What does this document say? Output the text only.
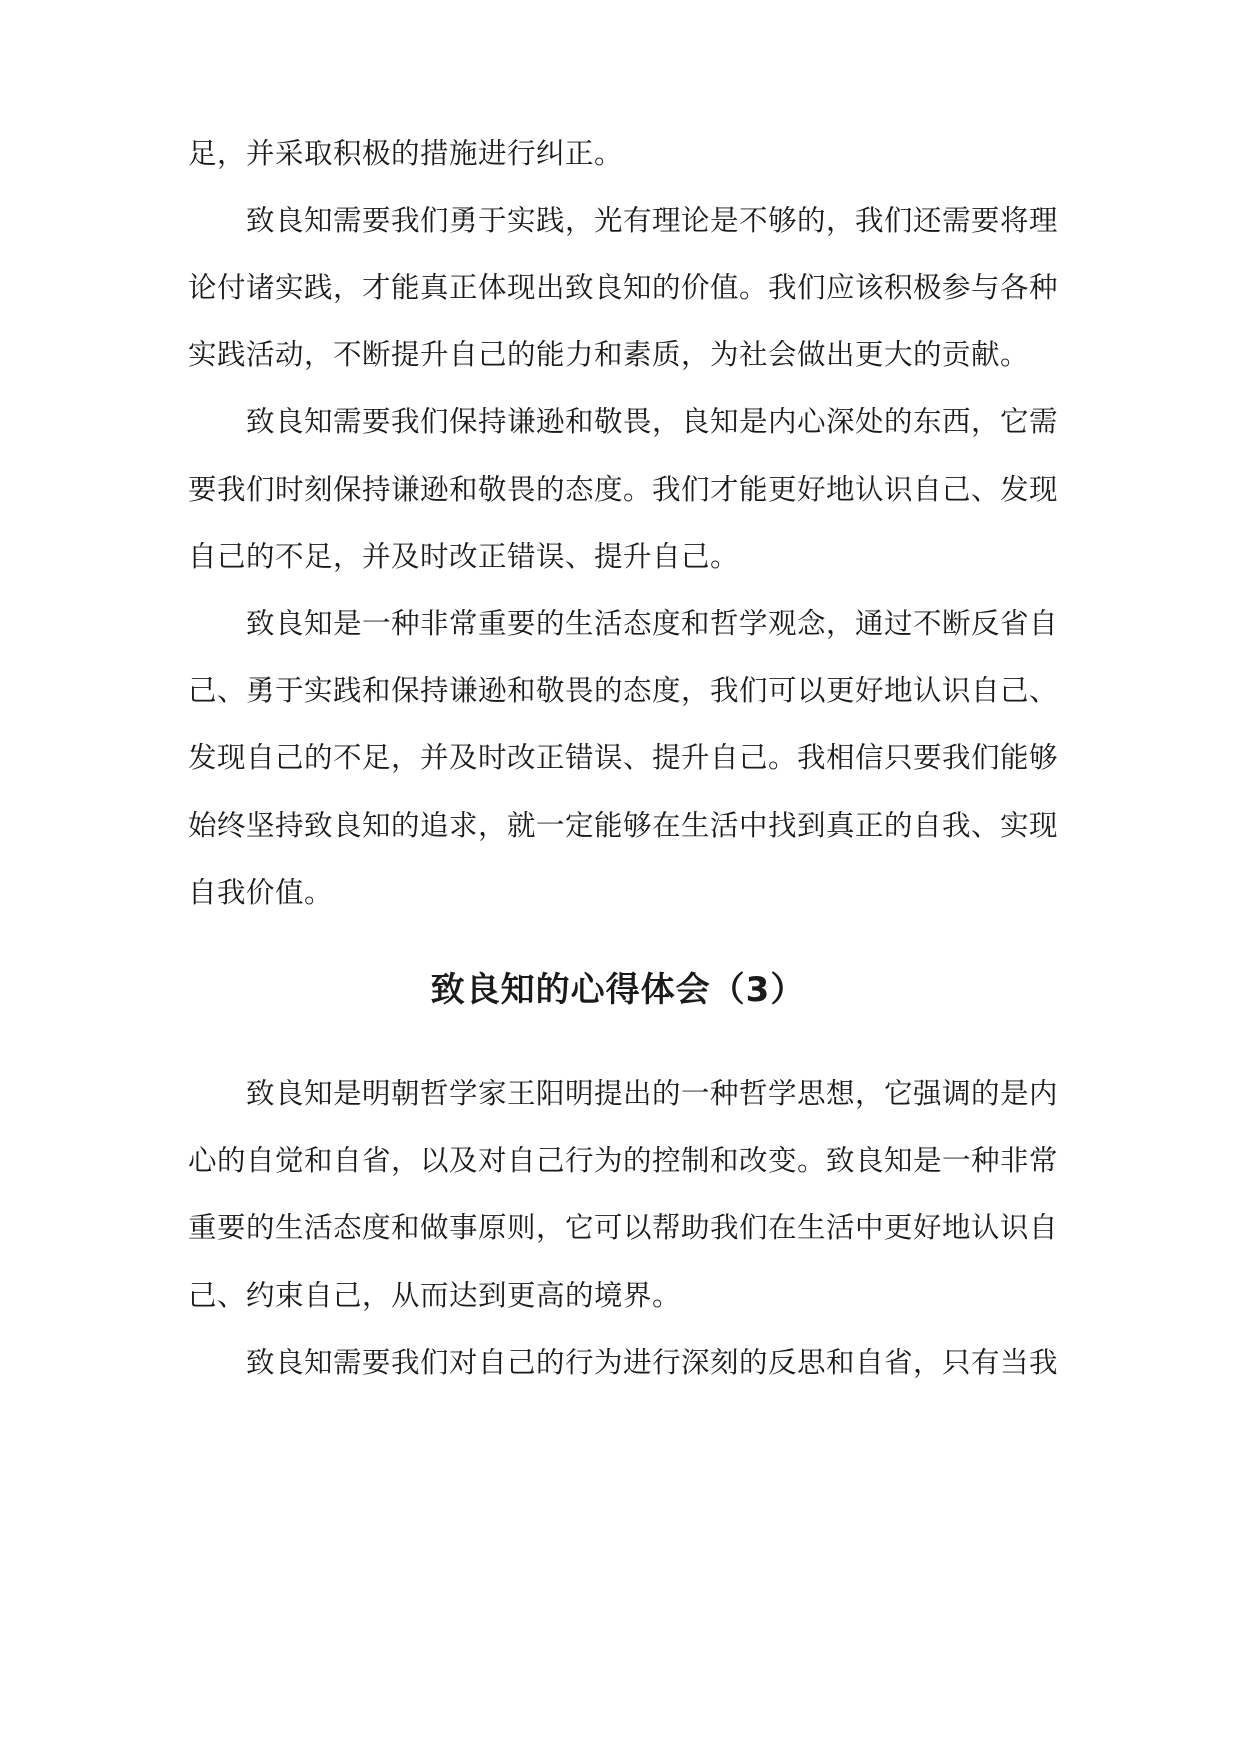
足，并采取积极的措施进行纠正。
致良知需要我们勇于实践，光有理论是不够的，我们还需要将理
论付诸实践，才能真正体现出致良知的价值。我们应该积极参与各种
实践活动，不断提升自己的能力和素质，为社会做出更大的贡献。
致良知需要我们保持谦逊和敬畏，良知是内心深处的东西，它需
要我们时刻保持谦逊和敬畏的态度。我们才能更好地认识自己、发现
自己的不足，并及时改正错误、提升自己。
致良知是一种非常重要的生活态度和哲学观念，通过不断反省自
己、勇于实践和保持谦逊和敬畏的态度，我们可以更好地认识自己、
发现自己的不足，并及时改正错误、提升自己。我相信只要我们能够
始终坚持致良知的追求，就一定能够在生活中找到真正的自我、实现
自我价值。
致良知的心得体会（3）
致良知是明朝哲学家王阳明提出的一种哲学思想，它强调的是内
心的自觉和自省，以及对自己行为的控制和改变。致良知是一种非常
重要的生活态度和做事原则，它可以帮助我们在生活中更好地认识自
己、约束自己，从而达到更高的境界。
致良知需要我们对自己的行为进行深刻的反思和自省，只有当我
